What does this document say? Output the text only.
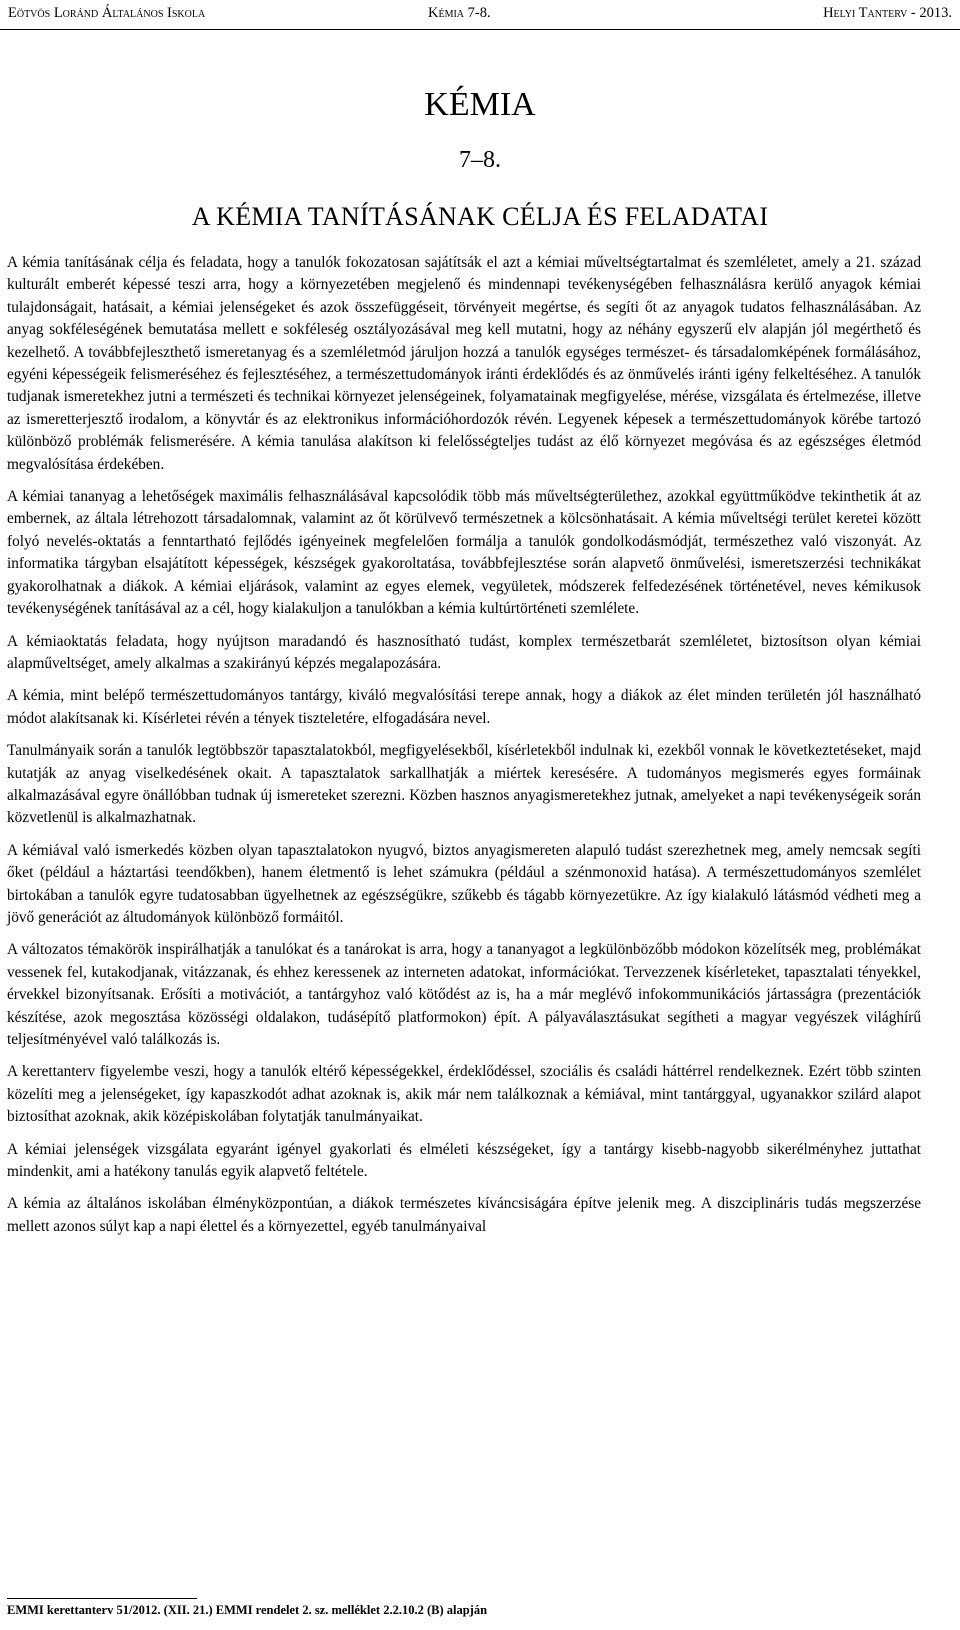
Eötvös Loránd Általános Iskola	Kémia 7-8.	Helyi Tanterv - 2013.
KÉMIA
7–8.
A KÉMIA TANÍTÁSÁNAK CÉLJA ÉS FELADATAI

A kémia tanításának célja és feladata, hogy a tanulók fokozatosan sajátítsák el azt a kémiai műveltségtartalmat és szemléletet, amely a 21. század kulturált emberét képessé teszi arra, hogy a környezetében megjelenő és mindennapi tevékenységében felhasználásra kerülő anyagok kémiai tulajdonságait, hatásait, a kémiai jelenségeket és azok összefüggéseit, törvényeit megértse, és segíti őt az anyagok tudatos felhasználásában. Az anyag sokféleségének bemutatása mellett e sokféleség osztályozásával meg kell mutatni, hogy az néhány egyszerű elv alapján jól megérthető és kezelhető. A továbbfejleszthető ismeretanyag és a szemléletmód járuljon hozzá a tanulók egységes természet- és társadalomképének formálásához, egyéni képességeik felismeréséhez és fejlesztéséhez, a természettudományok iránti érdeklődés és az önművelés iránti igény felkeltéséhez. A tanulók tudjanak ismeretekhez jutni a természeti és technikai környezet jelenségeinek, folyamatainak megfigyelése, mérése, vizsgálata és értelmezése, illetve az ismeretterjesztő irodalom, a könyvtár és az elektronikus információhordozók révén. Legyenek képesek a természettudományok körébe tartozó különböző problémák felismerésére. A kémia tanulása alakítson ki felelősségteljes tudást az élő környezet megóvása és az egészséges életmód megvalósítása érdekében.

A kémiai tananyag a lehetőségek maximális felhasználásával kapcsolódik több más műveltségterülethez, azokkal együttműködve tekinthetik át az embernek, az általa létrehozott társadalomnak, valamint az őt körülvevő természetnek a kölcsönhatásait. A kémia műveltségi terület keretei között folyó nevelés-oktatás a fenntartható fejlődés igényeinek megfelelően formálja a tanulók gondolkodásmódját, természethez való viszonyát. Az informatika tárgyban elsajátított képességek, készségek gyakoroltatása, továbbfejlesztése során alapvető önművelési, ismeretszerzési technikákat gyakorolhatnak a diákok. A kémiai eljárások, valamint az egyes elemek, vegyületek, módszerek felfedezésének történetével, neves kémikusok tevékenységének tanításával az a cél, hogy kialakuljon a tanulókban a kémia kultúrtörténeti szemlélete.

A kémiaoktatás feladata, hogy nyújtson maradandó és hasznosítható tudást, komplex természetbarát szemléletet, biztosítson olyan kémiai alapműveltséget, amely alkalmas a szakirányú képzés megalapozására.

A kémia, mint belépő természettudományos tantárgy, kiváló megvalósítási terepe annak, hogy a diákok az élet minden területén jól használható módot alakítsanak ki. Kísérletei révén a tények tiszteletére, elfogadására nevel.

Tanulmányaik során a tanulók legtöbbször tapasztalatokból, megfigyelésekből, kísérletekből indulnak ki, ezekből vonnak le következtetéseket, majd kutatják az anyag viselkedésének okait. A tapasztalatok sarkallhatják a miértek keresésére. A tudományos megismerés egyes formáinak alkalmazásával egyre önállóbban tudnak új ismereteket szerezni. Közben hasznos anyagismeretekhez jutnak, amelyeket a napi tevékenységeik során közvetlenül is alkalmazhatnak.

A kémiával való ismerkedés közben olyan tapasztalatokon nyugvó, biztos anyagismereten alapuló tudást szerezhetnek meg, amely nemcsak segíti őket (például a háztartási teendőkben), hanem életmentő is lehet számukra (például a szénmonoxid hatása). A természettudományos szemlélet birtokában a tanulók egyre tudatosabban ügyelhetnek az egészségükre, szűkebb és tágabb környezetükre. Az így kialakuló látásmód védheti meg a jövő generációt az áltudományok különböző formáitól.

A változatos témakörök inspirálhatják a tanulókat és a tanárokat is arra, hogy a tananyagot a legkülönbözőbb módokon közelítsék meg, problémákat vessenek fel, kutakodjanak, vitázzanak, és ehhez keressenek az interneten adatokat, információkat. Tervezzenek kísérleteket, tapasztalati tényekkel, érvekkel bizonyítsanak. Erősíti a motivációt, a tantárgyhoz való kötődést az is, ha a már meglévő infokommunikációs jártasságra (prezentációk készítése, azok megosztása közösségi oldalakon, tudásépítő platformokon) épít. A pályaválasztásukat segítheti a magyar vegyészek világhírű teljesítményével való találkozás is.

A kerettanterv figyelembe veszi, hogy a tanulók eltérő képességekkel, érdeklődéssel, szociális és családi háttérrel rendelkeznek. Ezért több szinten közelíti meg a jelenségeket, így kapaszkodót adhat azoknak is, akik már nem találkoznak a kémiával, mint tantárggyal, ugyanakkor szilárd alapot biztosíthat azoknak, akik középiskolában folytatják tanulmányaikat.

A kémiai jelenségek vizsgálata egyaránt igényel gyakorlati és elméleti készségeket, így a tantárgy kisebb-nagyobb sikerélményhez juttathat mindenkit, ami a hatékony tanulás egyik alapvető feltétele.

A kémia az általános iskolában élményközpontúan, a diákok természetes kíváncsiságára építve jelenik meg. A diszciplináris tudás megszerzése mellett azonos súlyt kap a napi élettel és a környezettel, egyéb tanulmányaival

EMMI kerettanterv 51/2012. (XII. 21.) EMMI rendelet 2. sz. melléklet 2.2.10.2 (B) alapján
